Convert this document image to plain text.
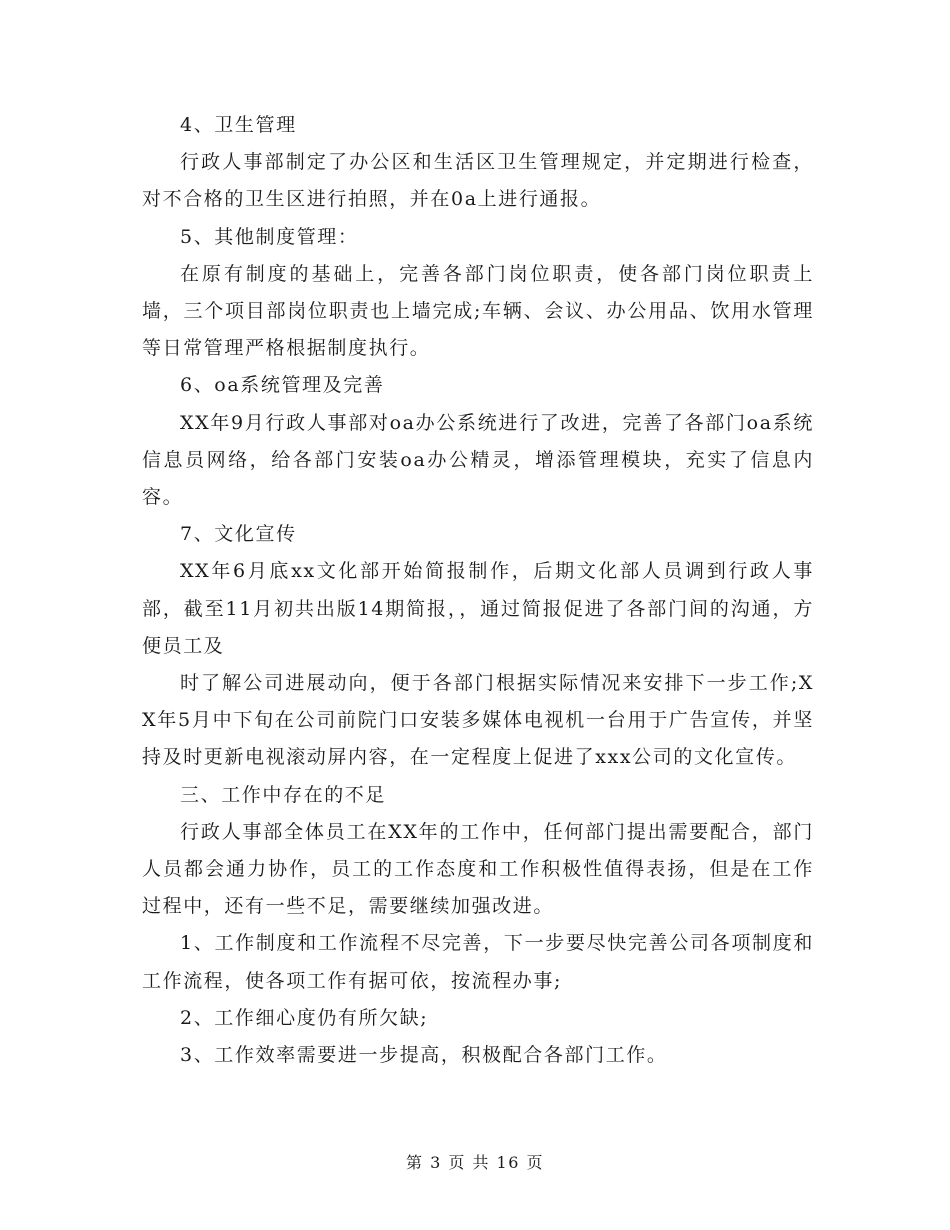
4、卫生管理

行政人事部制定了办公区和生活区卫生管理规定，并定期进行检查，对不合格的卫生区进行拍照，并在0a上进行通报。

5、其他制度管理：

在原有制度的基础上，完善各部门岗位职责，使各部门岗位职责上墙，三个项目部岗位职责也上墙完成;车辆、会议、办公用品、饮用水管理等日常管理严格根据制度执行。

6、oa系统管理及完善

XX年9月行政人事部对oa办公系统进行了改进，完善了各部门oa系统信息员网络，给各部门安装oa办公精灵，增添管理模块，充实了信息内容。

7、文化宣传

XX年6月底xx文化部开始简报制作，后期文化部人员调到行政人事部，截至11月初共出版14期简报，，通过简报促进了各部门间的沟通，方便员工及

时了解公司进展动向，便于各部门根据实际情况来安排下一步工作;XX年5月中下旬在公司前院门口安装多媒体电视机一台用于广告宣传，并坚持及时更新电视滚动屏内容，在一定程度上促进了xxx公司的文化宣传。

三、工作中存在的不足

行政人事部全体员工在XX年的工作中，任何部门提出需要配合，部门人员都会通力协作，员工的工作态度和工作积极性值得表扬，但是在工作过程中，还有一些不足，需要继续加强改进。

1、工作制度和工作流程不尽完善，下一步要尽快完善公司各项制度和工作流程，使各项工作有据可依，按流程办事;

2、工作细心度仍有所欠缺;

3、工作效率需要进一步提高，积极配合各部门工作。

第 3 页 共 16 页
